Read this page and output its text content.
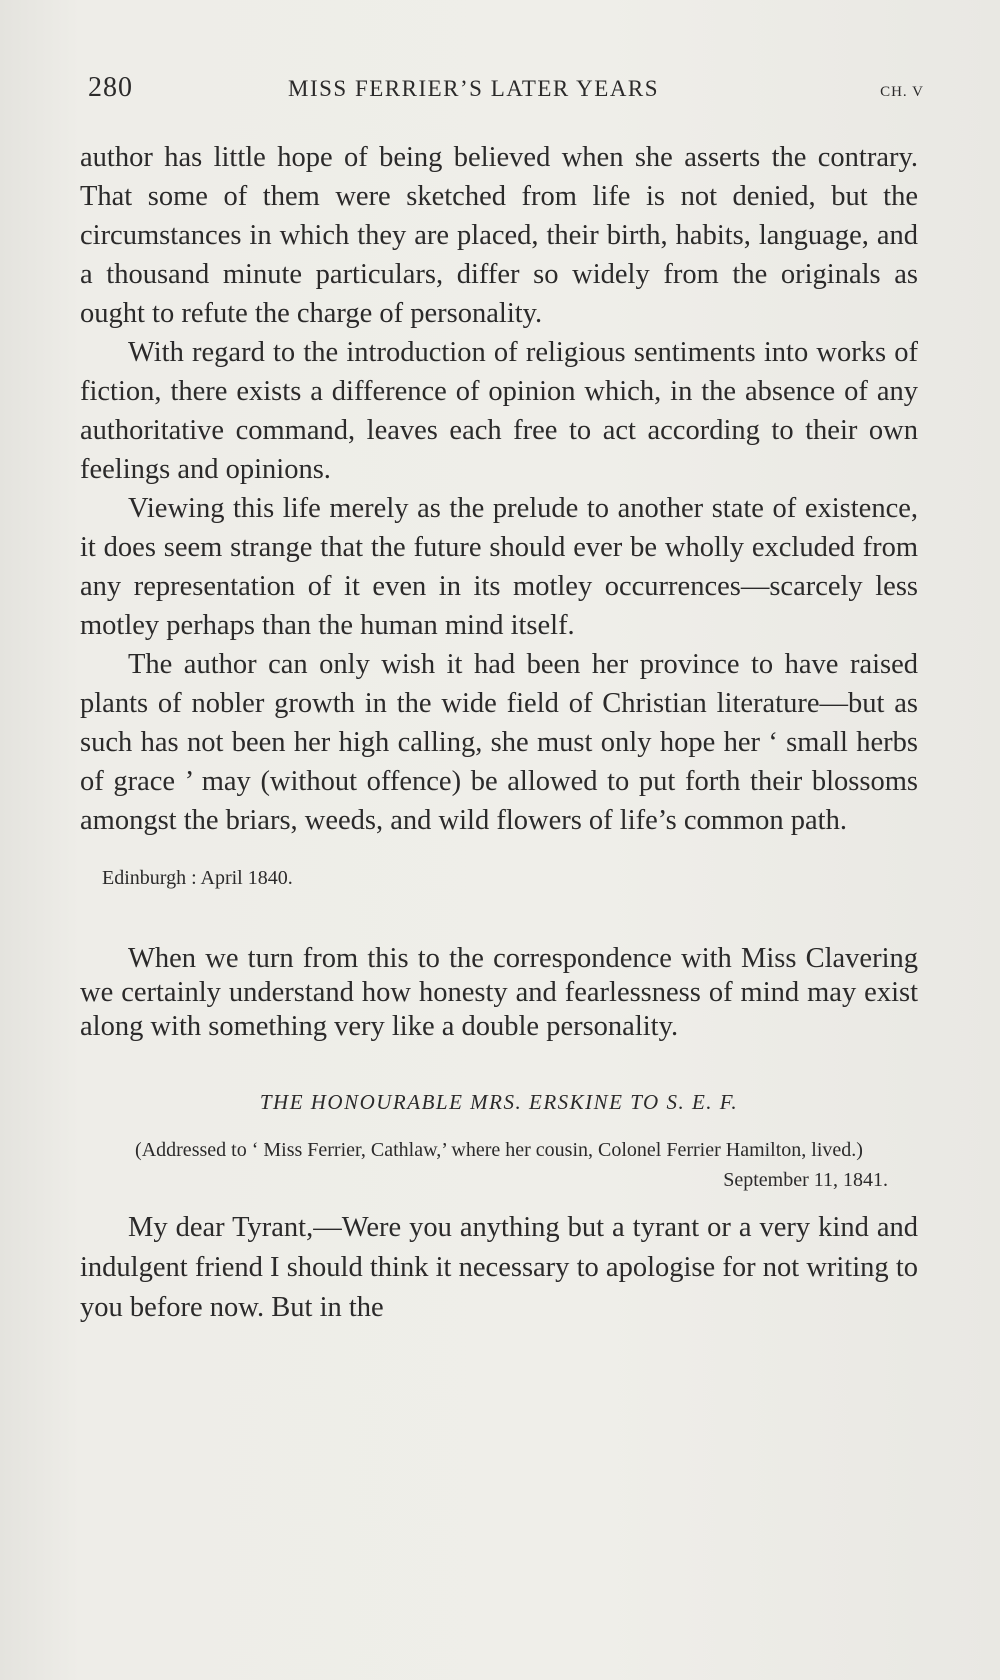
280	MISS FERRIER’S LATER YEARS	CH. V

author has little hope of being believed when she asserts the contrary. That some of them were sketched from life is not denied, but the circumstances in which they are placed, their birth, habits, language, and a thousand minute particulars, differ so widely from the originals as ought to refute the charge of personality.

With regard to the introduction of religious sentiments into works of fiction, there exists a difference of opinion which, in the absence of any authoritative command, leaves each free to act according to their own feelings and opinions.

Viewing this life merely as the prelude to another state of existence, it does seem strange that the future should ever be wholly excluded from any representation of it even in its motley occurrences—scarcely less motley perhaps than the human mind itself.

The author can only wish it had been her province to have raised plants of nobler growth in the wide field of Christian literature—but as such has not been her high calling, she must only hope her ‘ small herbs of grace ’ may (without offence) be allowed to put forth their blossoms amongst the briars, weeds, and wild flowers of life’s common path.

Edinburgh : April 1840.

When we turn from this to the correspondence with Miss Clavering we certainly understand how honesty and fearlessness of mind may exist along with something very like a double personality.

THE HONOURABLE MRS. ERSKINE TO S. E. F.
(Addressed to ‘ Miss Ferrier, Cathlaw,’ where her cousin, Colonel Ferrier Hamilton, lived.)
September 11, 1841.

My dear Tyrant,—Were you anything but a tyrant or a very kind and indulgent friend I should think it necessary to apologise for not writing to you before now. But in the
